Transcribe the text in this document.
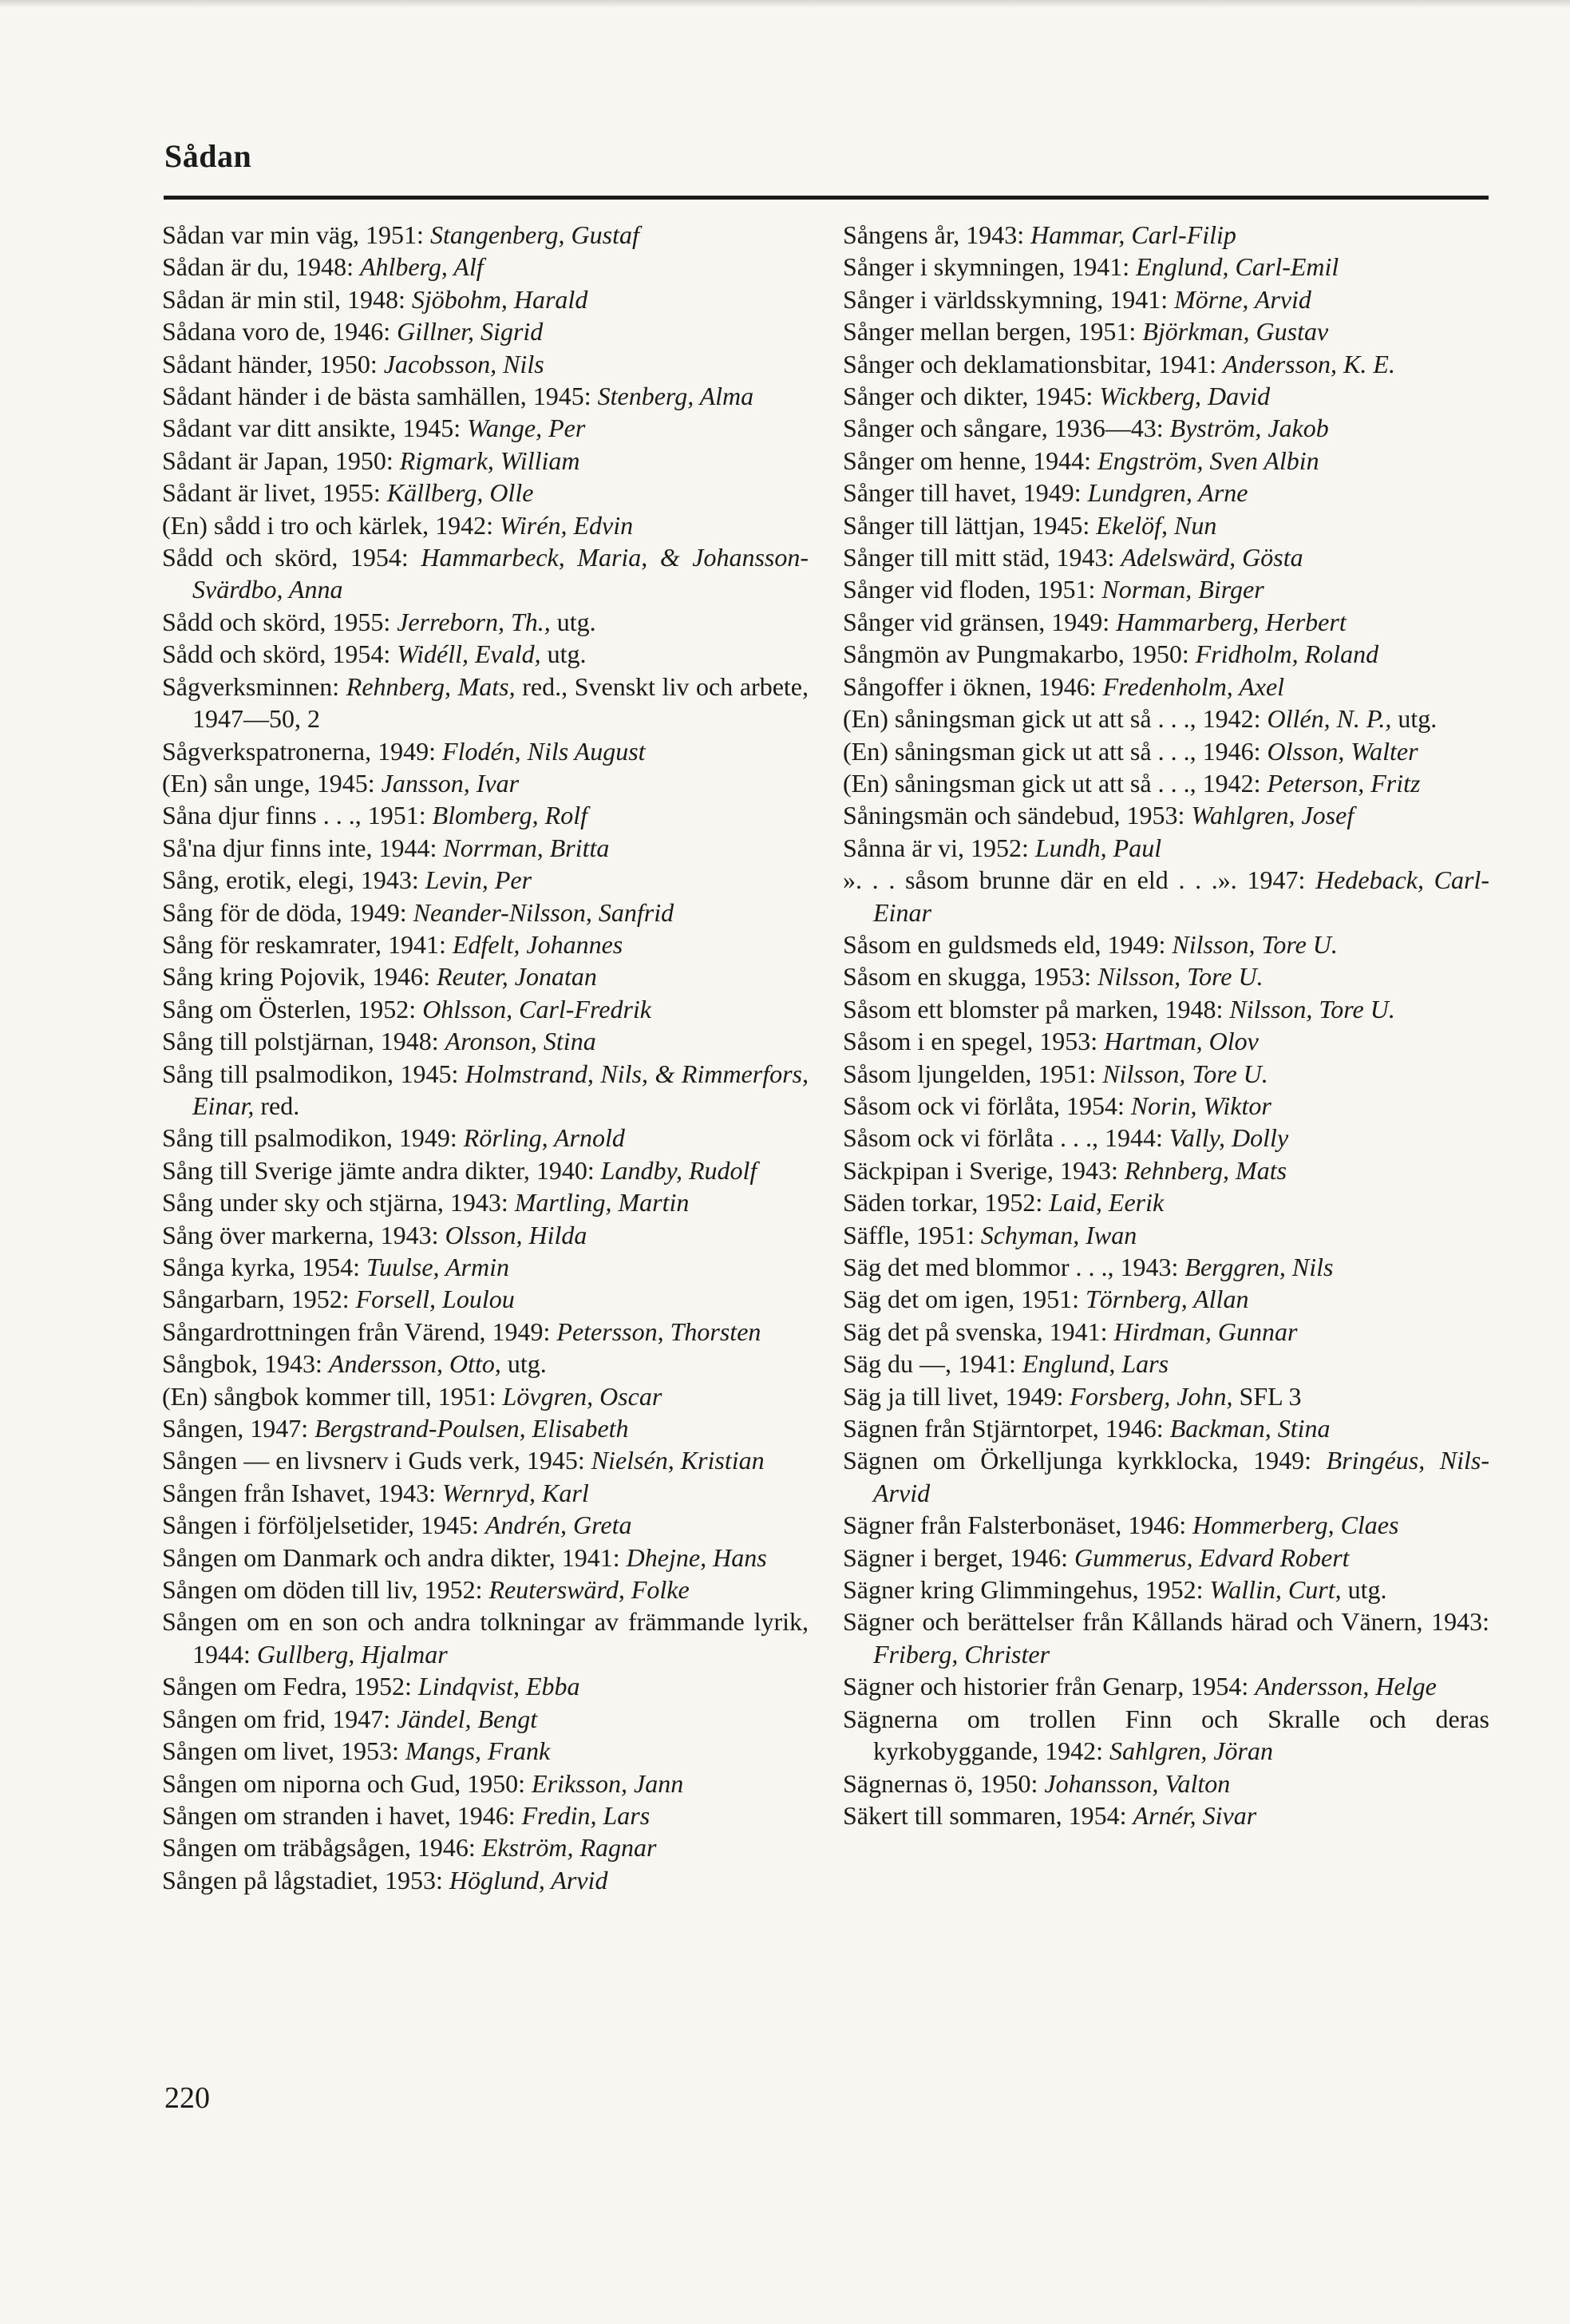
Sådan
Sådan var min väg, 1951: Stangenberg, Gustaf
Sådan är du, 1948: Ahlberg, Alf
Sådan är min stil, 1948: Sjöbohm, Harald
Sådana voro de, 1946: Gillner, Sigrid
Sådant händer, 1950: Jacobsson, Nils
Sådant händer i de bästa samhällen, 1945: Stenberg, Alma
Sådant var ditt ansikte, 1945: Wange, Per
Sådant är Japan, 1950: Rigmark, William
Sådant är livet, 1955: Källberg, Olle
(En) sådd i tro och kärlek, 1942: Wirén, Edvin
Sådd och skörd, 1954: Hammarbeck, Maria, & Johansson-Svärdbo, Anna
Sådd och skörd, 1955: Jerreborn, Th., utg.
Sådd och skörd, 1954: Widéll, Evald, utg.
Sågverksminnen: Rehnberg, Mats, red., Svenskt liv och arbete, 1947—50, 2
Sågverkspatronerna, 1949: Flodén, Nils August
(En) sån unge, 1945: Jansson, Ivar
Såna djur finns . . ., 1951: Blomberg, Rolf
Så'na djur finns inte, 1944: Norrman, Britta
Sång, erotik, elegi, 1943: Levin, Per
Sång för de döda, 1949: Neander-Nilsson, Sanfrid
Sång för reskamrater, 1941: Edfelt, Johannes
Sång kring Pojovik, 1946: Reuter, Jonatan
Sång om Österlen, 1952: Ohlsson, Carl-Fredrik
Sång till polstjärnan, 1948: Aronson, Stina
Sång till psalmodikon, 1945: Holmstrand, Nils, & Rimmerfors, Einar, red.
Sång till psalmodikon, 1949: Rörling, Arnold
Sång till Sverige jämte andra dikter, 1940: Landby, Rudolf
Sång under sky och stjärna, 1943: Martling, Martin
Sång över markerna, 1943: Olsson, Hilda
Sånga kyrka, 1954: Tuulse, Armin
Sångarbarn, 1952: Forsell, Loulou
Sångardrottningen från Värend, 1949: Petersson, Thorsten
Sångbok, 1943: Andersson, Otto, utg.
(En) sångbok kommer till, 1951: Lövgren, Oscar
Sången, 1947: Bergstrand-Poulsen, Elisabeth
Sången — en livsnerv i Guds verk, 1945: Nielsén, Kristian
Sången från Ishavet, 1943: Wernryd, Karl
Sången i förföljelsetider, 1945: Andrén, Greta
Sången om Danmark och andra dikter, 1941: Dhejne, Hans
Sången om döden till liv, 1952: Reuterswärd, Folke
Sången om en son och andra tolkningar av främmande lyrik, 1944: Gullberg, Hjalmar
Sången om Fedra, 1952: Lindqvist, Ebba
Sången om frid, 1947: Jändel, Bengt
Sången om livet, 1953: Mangs, Frank
Sången om niporna och Gud, 1950: Eriksson, Jann
Sången om stranden i havet, 1946: Fredin, Lars
Sången om träbågsågen, 1946: Ekström, Ragnar
Sången på lågstadiet, 1953: Höglund, Arvid
Sångens år, 1943: Hammar, Carl-Filip
Sånger i skymningen, 1941: Englund, Carl-Emil
Sånger i världsskymning, 1941: Mörne, Arvid
Sånger mellan bergen, 1951: Björkman, Gustav
Sånger och deklamationsbitar, 1941: Andersson, K. E.
Sånger och dikter, 1945: Wickberg, David
Sånger och sångare, 1936—43: Byström, Jakob
Sånger om henne, 1944: Engström, Sven Albin
Sånger till havet, 1949: Lundgren, Arne
Sånger till lättjan, 1945: Ekelöf, Nun
Sånger till mitt städ, 1943: Adelswärd, Gösta
Sånger vid floden, 1951: Norman, Birger
Sånger vid gränsen, 1949: Hammarberg, Herbert
Sångmön av Pungmakarbo, 1950: Fridholm, Roland
Sångoffer i öknen, 1946: Fredenholm, Axel
(En) såningsman gick ut att så . . ., 1942: Ollén, N. P., utg.
(En) såningsman gick ut att så . . ., 1946: Olsson, Walter
(En) såningsman gick ut att så . . ., 1942: Peterson, Fritz
Såningsmän och sändebud, 1953: Wahlgren, Josef
Sånna är vi, 1952: Lundh, Paul
». . . såsom brunne där en eld . . .». 1947: Hedeback, Carl-Einar
Såsom en guldsmeds eld, 1949: Nilsson, Tore U.
Såsom en skugga, 1953: Nilsson, Tore U.
Såsom ett blomster på marken, 1948: Nilsson, Tore U.
Såsom i en spegel, 1953: Hartman, Olov
Såsom ljungelden, 1951: Nilsson, Tore U.
Såsom ock vi förlåta, 1954: Norin, Wiktor
Såsom ock vi förlåta . . ., 1944: Vally, Dolly
Säckpipan i Sverige, 1943: Rehnberg, Mats
Säden torkar, 1952: Laid, Eerik
Säffle, 1951: Schyman, Iwan
Säg det med blommor . . ., 1943: Berggren, Nils
Säg det om igen, 1951: Törnberg, Allan
Säg det på svenska, 1941: Hirdman, Gunnar
Säg du —, 1941: Englund, Lars
Säg ja till livet, 1949: Forsberg, John, SFL 3
Sägnen från Stjärntorpet, 1946: Backman, Stina
Sägnen om Örkelljunga kyrkklocka, 1949: Bringéus, Nils-Arvid
Sägner från Falsterbonäset, 1946: Hommerberg, Claes
Sägner i berget, 1946: Gummerus, Edvard Robert
Sägner kring Glimmingehus, 1952: Wallin, Curt, utg.
Sägner och berättelser från Kållands härad och Vänern, 1943: Friberg, Christer
Sägner och historier från Genarp, 1954: Andersson, Helge
Sägnerna om trollen Finn och Skralle och deras kyrkobyggande, 1942: Sahlgren, Jöran
Sägnernas ö, 1950: Johansson, Valton
Säkert till sommaren, 1954: Arnér, Sivar
220
